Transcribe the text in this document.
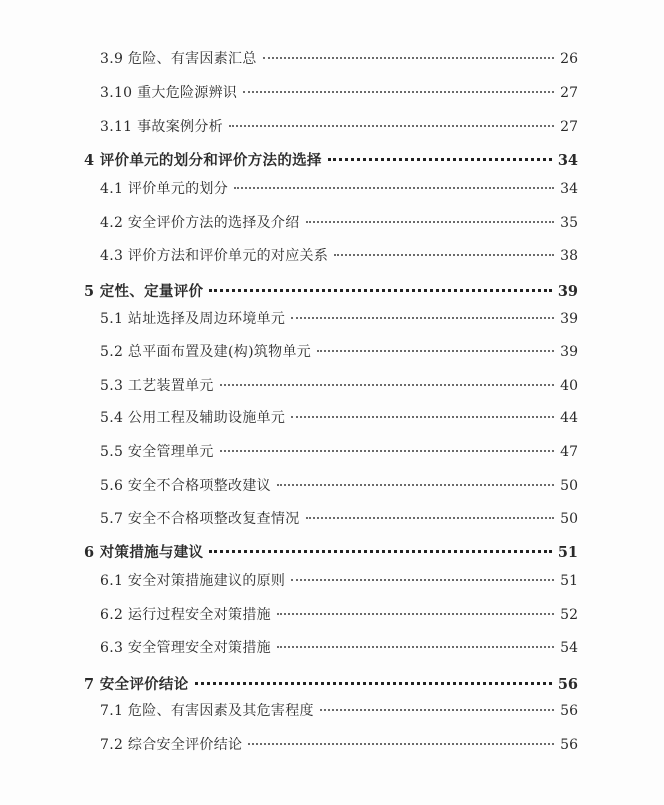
3.9 危险、有害因素汇总	26
3.10 重大危险源辨识	27
3.11 事故案例分析	27
4 评价单元的划分和评价方法的选择	34
4.1 评价单元的划分	34
4.2 安全评价方法的选择及介绍	35
4.3 评价方法和评价单元的对应关系	38
5 定性、定量评价	39
5.1 站址选择及周边环境单元	39
5.2 总平面布置及建(构)筑物单元	39
5.3 工艺装置单元	40
5.4 公用工程及辅助设施单元	44
5.5 安全管理单元	47
5.6 安全不合格项整改建议	50
5.7 安全不合格项整改复查情况	50
6 对策措施与建议	51
6.1 安全对策措施建议的原则	51
6.2 运行过程安全对策措施	52
6.3 安全管理安全对策措施	54
7 安全评价结论	56
7.1 危险、有害因素及其危害程度	56
7.2 综合安全评价结论	56
